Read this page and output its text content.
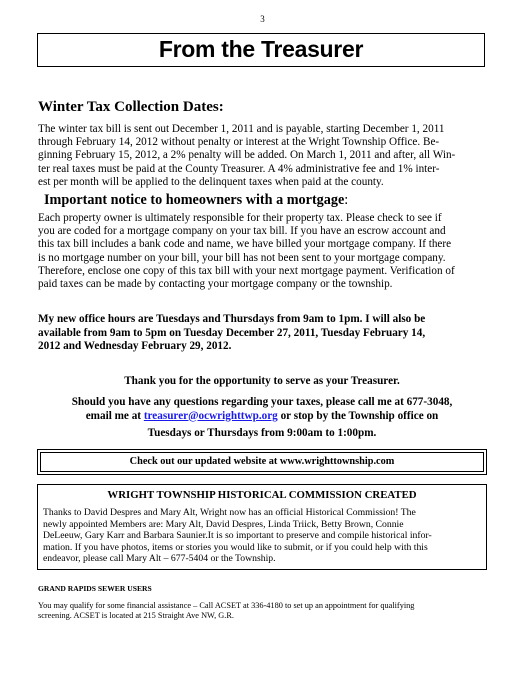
3
From the Treasurer
Winter Tax Collection Dates:
The winter tax bill is sent out December 1, 2011 and is payable, starting December 1, 2011
through February 14, 2012 without penalty or interest at the Wright Township Office. Be-
ginning February 15, 2012, a 2% penalty will be added. On March 1, 2011 and after, all Win-
ter real taxes must be paid at the County Treasurer. A 4% administrative fee and 1% inter-
est per month will be applied to the delinquent taxes when paid at the county.
Important notice to homeowners with a mortgage:
Each property owner is ultimately responsible for their property tax. Please check to see if
you are coded for a mortgage company on your tax bill. If you have an escrow account and
this tax bill includes a bank code and name, we have billed your mortgage company. If there
is no mortgage number on your bill, your bill has not been sent to your mortgage company.
Therefore, enclose one copy of this tax bill with your next mortgage payment. Verification of
paid taxes can be made by contacting your mortgage company or the township.
My new office hours are Tuesdays and Thursdays from 9am to 1pm. I will also be
available from 9am to 5pm on Tuesday December 27, 2011, Tuesday February 14,
2012 and Wednesday February 29, 2012.
Thank you for the opportunity to serve as your Treasurer.
Should you have any questions regarding your taxes, please call me at 677-3048,
email me at treasurer@ocwrighttwp.org or stop by the Township office on
Tuesdays or Thursdays from 9:00am to 1:00pm.
Check out our updated website at www.wrighttownship.com
WRIGHT TOWNSHIP HISTORICAL COMMISSION CREATED
Thanks to David Despres and Mary Alt, Wright now has an official Historical Commission! The
newly appointed Members are: Mary Alt, David Despres, Linda Triick, Betty Brown, Connie
DeLeeuw, Gary Karr and Barbara Saunier.It is so important to preserve and compile historical infor-
mation. If you have photos, items or stories you would like to submit, or if you could help with this
endeavor, please call Mary Alt – 677-5404 or the Township.
GRAND RAPIDS SEWER USERS
You may qualify for some financial assistance – Call ACSET at 336-4180 to set up an appointment for qualifying
screening. ACSET is located at 215 Straight Ave NW, G.R.
